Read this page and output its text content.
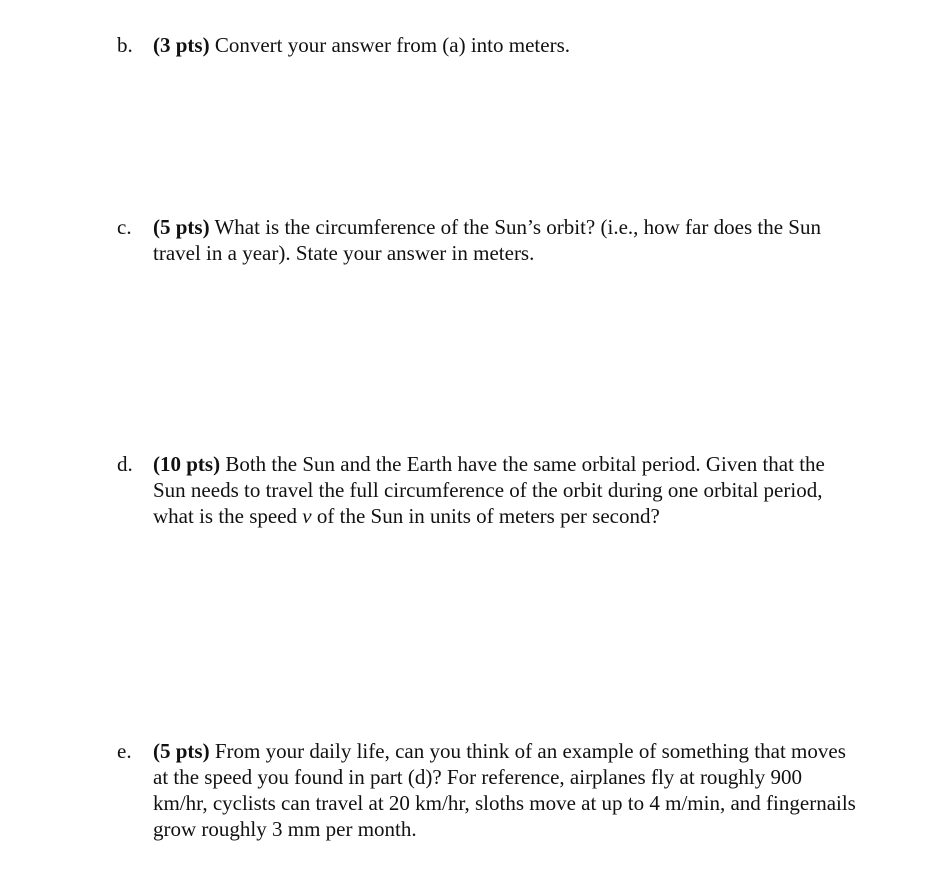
b. (3 pts) Convert your answer from (a) into meters.
c.	(5 pts) What is the circumference of the Sun’s orbit? (i.e., how far does the Sun travel in a year). State your answer in meters.
d. (10 pts) Both the Sun and the Earth have the same orbital period. Given that the Sun needs to travel the full circumference of the orbit during one orbital period, what is the speed v of the Sun in units of meters per second?
e.	(5 pts) From your daily life, can you think of an example of something that moves at the speed you found in part (d)? For reference, airplanes fly at roughly 900 km/hr, cyclists can travel at 20 km/hr, sloths move at up to 4 m/min, and fingernails grow roughly 3 mm per month.
